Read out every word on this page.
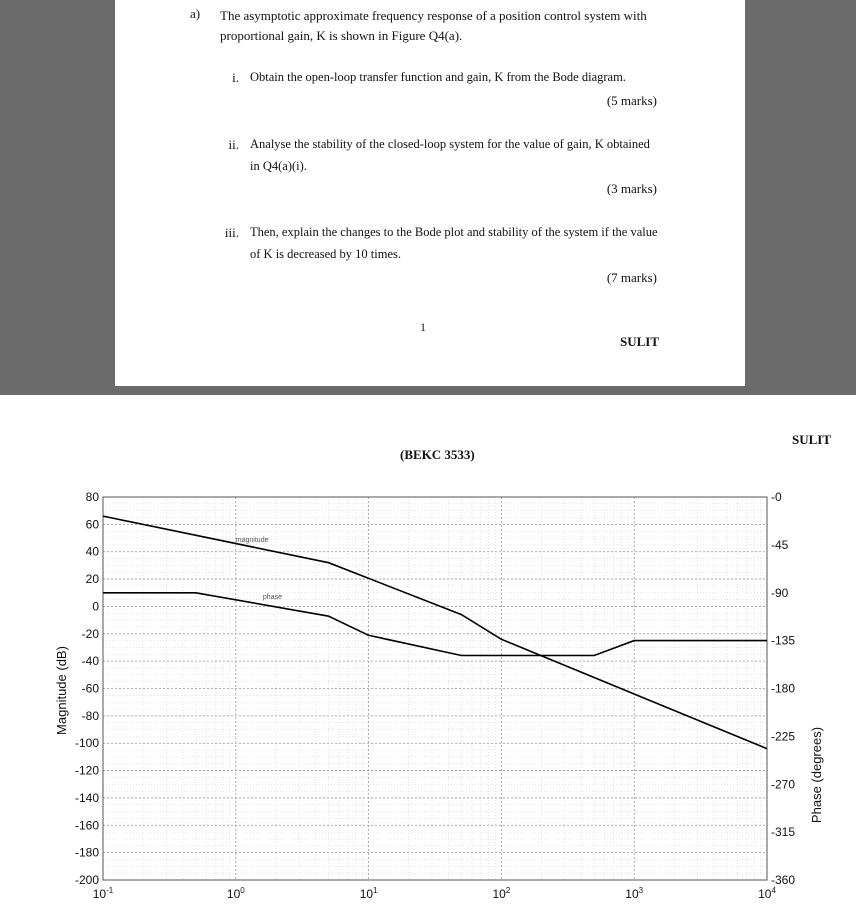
a) The asymptotic approximate frequency response of a position control system with proportional gain, K is shown in Figure Q4(a).
i. Obtain the open-loop transfer function and gain, K from the Bode diagram.
(5 marks)
ii. Analyse the stability of the closed-loop system for the value of gain, K obtained in Q4(a)(i).
(3 marks)
iii. Then, explain the changes to the Bode plot and stability of the system if the value of K is decreased by 10 times.
(7 marks)
1
SULIT
SULIT
(BEKC 3533)
80
60
40
20
0
-20
-40
-60
-80
-100
-120
-140
-160
-180
-200
-0
-45
-90
-135
-180
-225
-270
-315
-360
$10^{-1}$	$10^0$	$10^1$	$10^2$	$10^3$	$10^4$
Magnitude (dB)
Phase (degrees)
magnitude
phase
